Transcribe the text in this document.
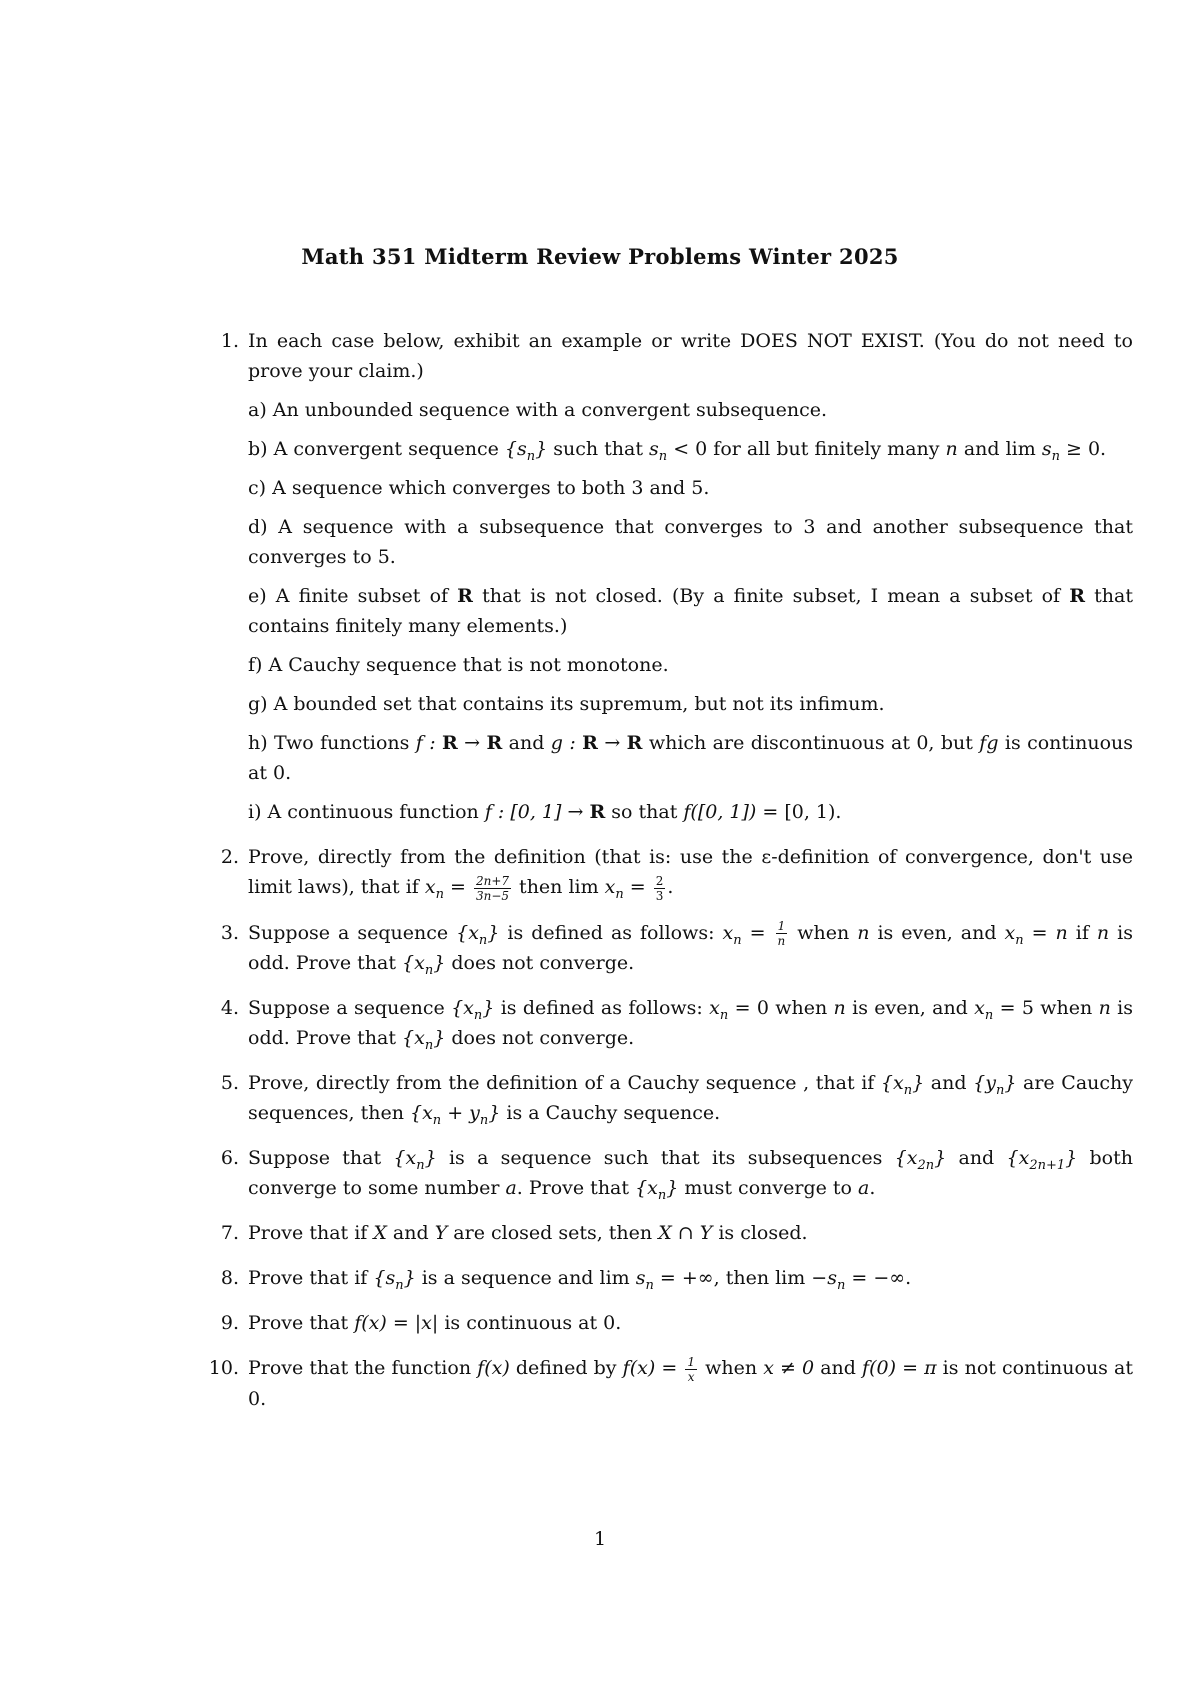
Math 351 Midterm Review Problems Winter 2025
1. In each case below, exhibit an example or write DOES NOT EXIST. (You do not need to prove your claim.)
a) An unbounded sequence with a convergent subsequence.
b) A convergent sequence $\{s_n\}$ such that $s_n < 0$ for all but finitely many n and $\lim s_n \ge 0$.
c) A sequence which converges to both 3 and 5.
d) A sequence with a subsequence that converges to 3 and another subsequence that converges to 5.
e) A finite subset of R that is not closed. (By a finite subset, I mean a subset of R that contains finitely many elements.)
f) A Cauchy sequence that is not monotone.
g) A bounded set that contains its supremum, but not its infimum.
h) Two functions f : R → R and g : R → R which are discontinuous at 0, but fg is continuous at 0.
i) A continuous function f : [0, 1] → R so that f([0, 1]) = [0, 1).
2. Prove, directly from the definition (that is: use the ε-definition of convergence, don't use limit laws), that if $x_n = \frac{2n+7}{3n-5}$ then $\lim x_n = \frac{2}{3}$ .
3. Suppose a sequence $\{x_n\}$ is defined as follows: $x_n = \frac{1}{n}$ when n is even, and $x_n = n$ if n is odd. Prove that $\{x_n\}$ does not converge.
4. Suppose a sequence $\{x_n\}$ is defined as follows: $x_n = 0$ when n is even, and $x_n = 5$ when n is odd. Prove that $\{x_n\}$ does not converge.
5. Prove, directly from the definition of a Cauchy sequence , that if $\{x_n\}$ and $\{y_n\}$ are Cauchy sequences, then $\{x_n + y_n\}$ is a Cauchy sequence.
6. Suppose that $\{x_n\}$ is a sequence such that its subsequences $\{x_{2n}\}$ and $\{x_{2n+1}\}$ both converge to some number a. Prove that $\{x_n\}$ must converge to a.
7. Prove that if X and Y are closed sets, then X ∩ Y is closed.
8. Prove that if $\{s_n\}$ is a sequence and $\lim s_n$ = +∞, then $\lim -s_n$ = −∞.
9. Prove that f(x) = |x| is continuous at 0.
10. Prove that the function f(x) defined by $f(x) = \frac{1}{x}$ when x ≠ 0 and f(0) = π is not continuous at 0.
1
